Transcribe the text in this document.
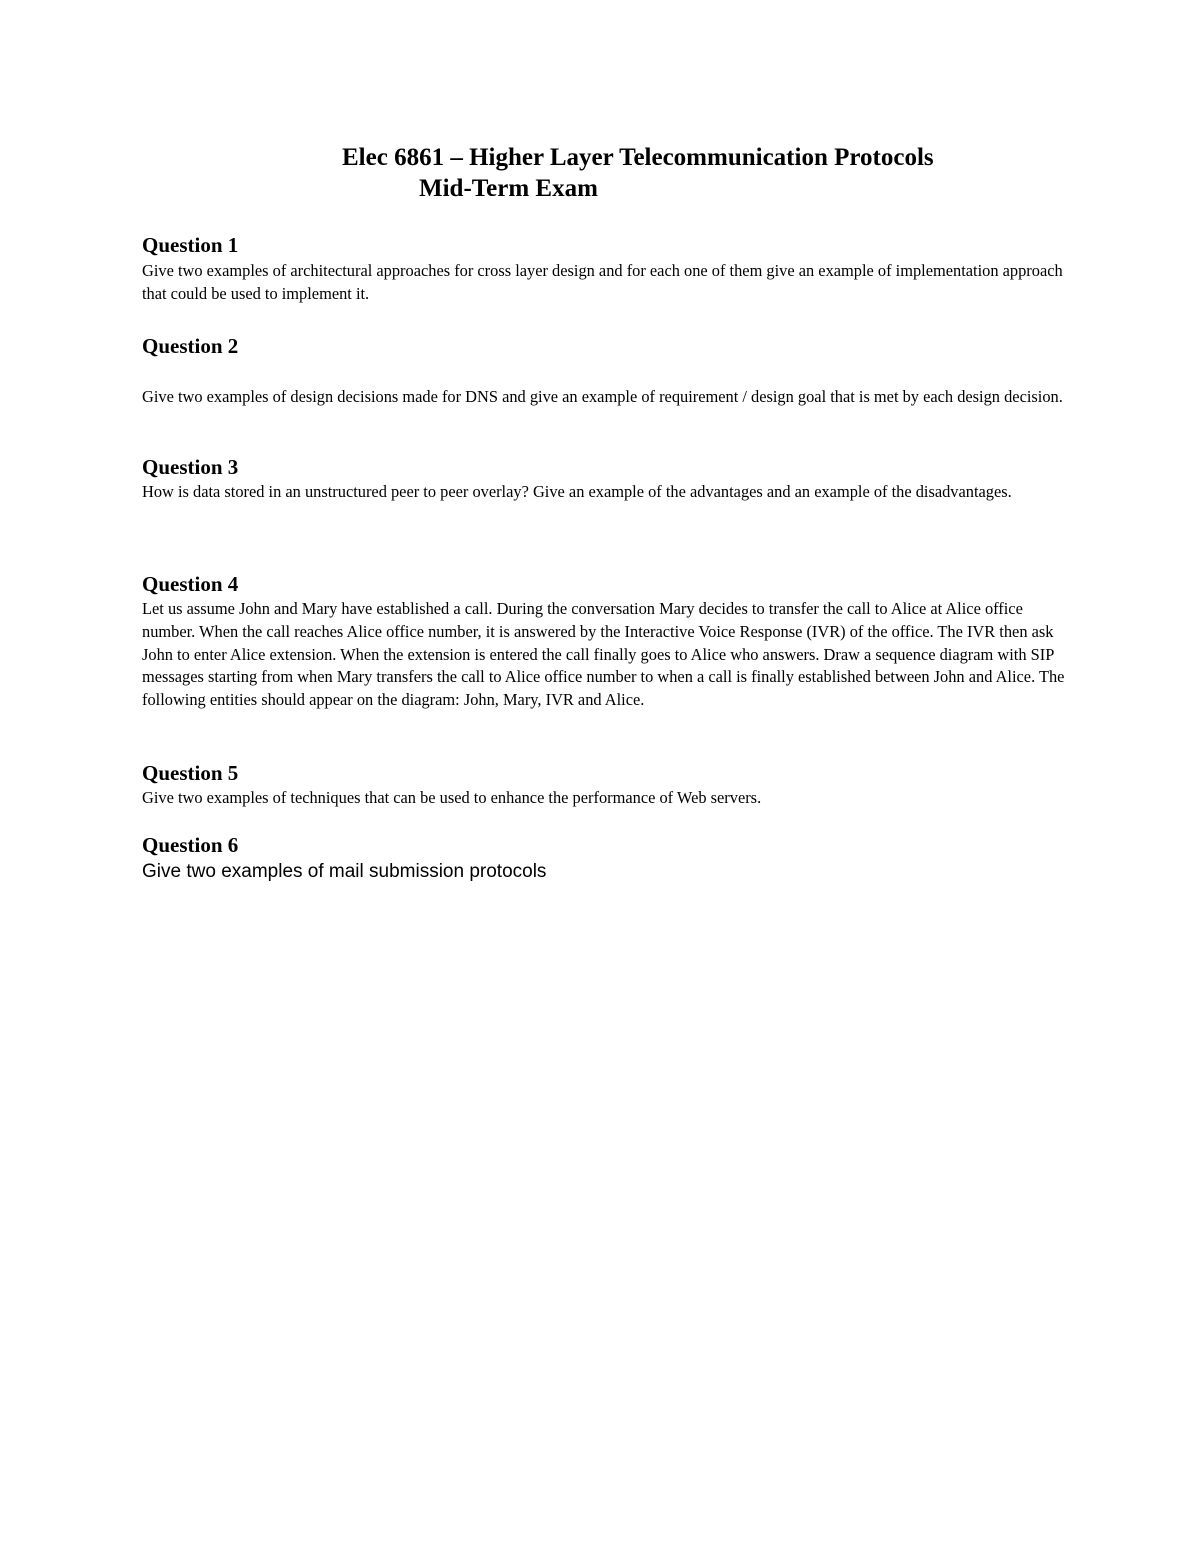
Elec 6861 – Higher Layer Telecommunication Protocols
Mid-Term Exam
Question 1
Give two examples of architectural approaches for cross layer design and for each one of them give an example of implementation approach that could be used to implement it.
Question 2
Give two examples of design decisions made for DNS and give an example of requirement / design goal that is met by each design decision.
Question 3
How is data stored in an unstructured peer to peer overlay? Give an example of the advantages and an example of the disadvantages.
Question 4
Let us assume John and Mary have established a call. During the conversation Mary decides to transfer the call to Alice at Alice office number. When the call reaches Alice office number, it is answered by the Interactive Voice Response (IVR) of the office. The IVR then ask John to enter Alice extension. When the extension is entered the call finally goes to Alice who answers. Draw a sequence diagram with SIP messages starting from when Mary transfers the call to Alice office number to when a call is finally established between John and Alice. The following entities should appear on the diagram: John, Mary, IVR and Alice.
Question 5
Give two examples of techniques that can be used to enhance the performance of Web servers.
Question 6
Give two examples of mail submission protocols
